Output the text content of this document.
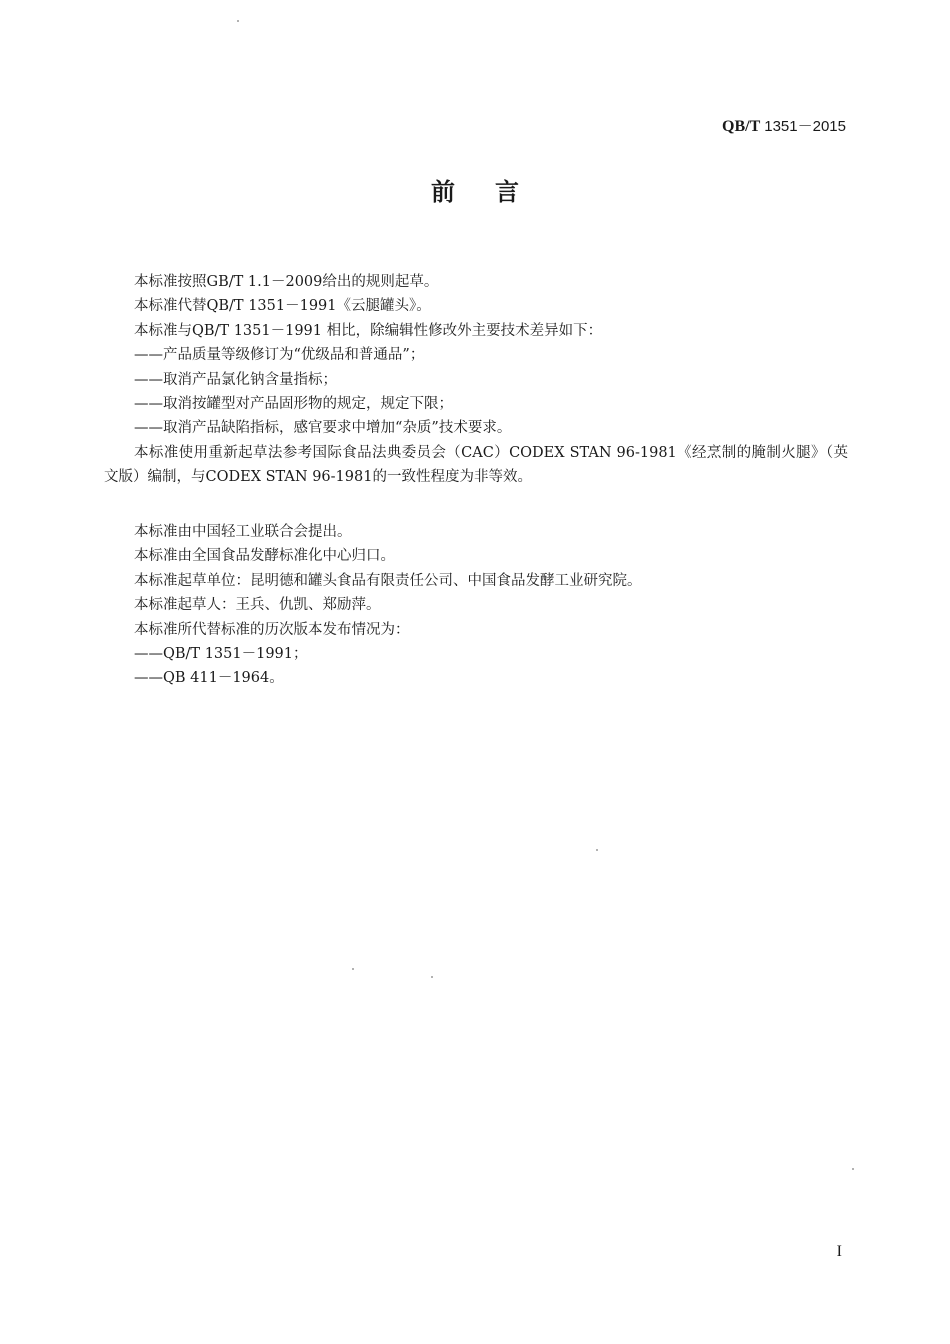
QB/T 1351－2015
前言

本标准按照GB/T 1.1－2009给出的规则起草。

本标准代替QB/T 1351－1991《云腿罐头》。

本标准与QB/T 1351－1991 相比，除编辑性修改外主要技术差异如下：

——产品质量等级修订为“优级品和普通品”；

——取消产品氯化钠含量指标；

——取消按罐型对产品固形物的规定，规定下限；

——取消产品缺陷指标，感官要求中增加“杂质”技术要求。

本标准使用重新起草法参考国际食品法典委员会（CAC）CODEX STAN 96-1981《经烹制的腌制火腿》（英文版）编制，与CODEX STAN 96-1981的一致性程度为非等效。

本标准由中国轻工业联合会提出。

本标准由全国食品发酵标准化中心归口。

本标准起草单位：昆明德和罐头食品有限责任公司、中国食品发酵工业研究院。

本标准起草人：王兵、仇凯、郑励萍。

本标准所代替标准的历次版本发布情况为：

——QB/T 1351－1991；

——QB 411－1964。

I
